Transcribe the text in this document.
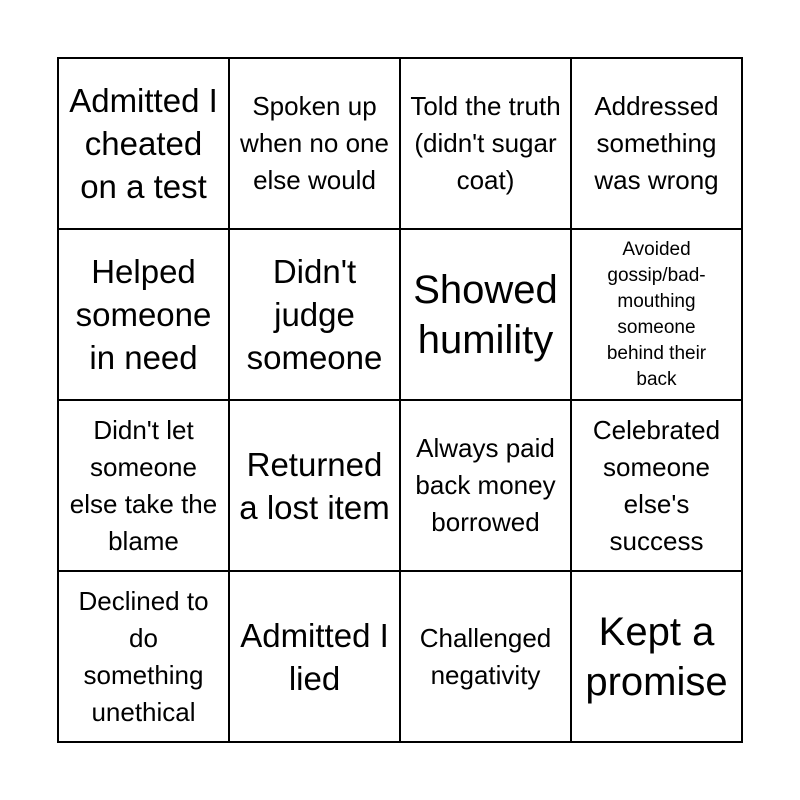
Admitted I cheated on a test
Spoken up when no one else would
Told the truth (didn't sugar coat)
Addressed something was wrong
Helped someone in need
Didn't judge someone
Showed humility
Avoided gossip/bad-mouthing someone behind their back
Didn't let someone else take the blame
Returned a lost item
Always paid back money borrowed
Celebrated someone else's success
Declined to do something unethical
Admitted I lied
Challenged negativity
Kept a promise
